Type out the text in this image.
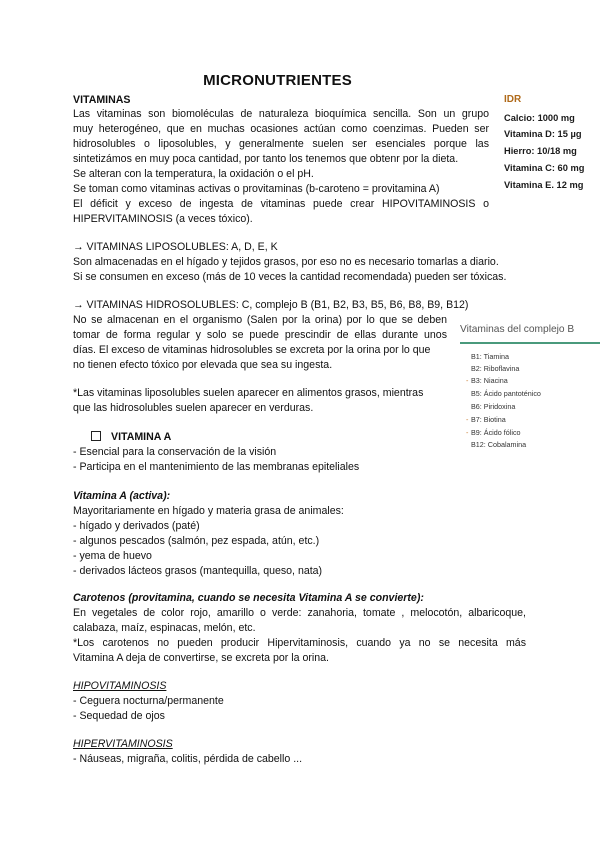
MICRONUTRIENTES
VITAMINAS
Las vitaminas son biomoléculas de naturaleza bioquímica sencilla. Son un grupo
muy heterogéneo, que en muchas ocasiones actúan como coenzimas. Pueden ser
hidrosolubles o liposolubles, y generalmente suelen ser esenciales porque las
sintetizámos en muy poca cantidad, por tanto los tenemos que obtenr por la dieta.
Se alteran con la temperatura, la oxidación o el pH.
Se toman como vitaminas activas o provitaminas (b-caroteno = provitamina A)
El déficit y exceso de ingesta de vitaminas puede crear HIPOVITAMINOSIS o
HIPERVITAMINOSIS (a veces tóxico).
IDR
Calcio: 1000 mg
Vitamina D: 15 µg
Hierro: 10/18 mg
Vitamina C: 60 mg
Vitamina E. 12 mg
→ VITAMINAS LIPOSOLUBLES: A, D, E, K
Son almacenadas en el hígado y tejidos grasos, por eso no es necesario tomarlas a diario.
Si se consumen en exceso (más de 10 veces la cantidad recomendada) pueden ser tóxicas.
→ VITAMINAS HIDROSOLUBLES: C, complejo B (B1, B2, B3, B5, B6, B8, B9, B12)
No se almacenan en el organismo (Salen por la orina) por lo que se deben
tomar de forma regular y solo se puede prescindir de ellas durante unos
días. El exceso de vitaminas hidrosolubles se excreta por la orina por lo que
no tienen efecto tóxico por elevada que sea su ingesta.
Vitaminas del complejo B
B1: Tiamina
B2: Riboflavina
- B3: Niacina
B5: Ácido pantoténico
B6: Piridoxina
- B7: Biotina
- B9: Ácido fólico
B12: Cobalamina
*Las vitaminas liposolubles suelen aparecer en alimentos grasos, mientras
que las hidrosolubles suelen aparecer en verduras.
VITAMINA A
- Esencial para la conservación de la visión
- Participa en el mantenimiento de las membranas epiteliales
Vitamina A (activa):
Mayoritariamente en hígado y materia grasa de animales:
- hígado y derivados (paté)
- algunos pescados (salmón, pez espada, atún, etc.)
- yema de huevo
- derivados lácteos grasos (mantequilla, queso, nata)
Carotenos (provitamina, cuando se necesita Vitamina A se convierte):
En vegetales de color rojo, amarillo o verde: zanahoria, tomate , melocotón, albaricoque,
calabaza, maíz, espinacas, melón, etc.
*Los carotenos no pueden producir Hipervitaminosis, cuando ya no se necesita más
Vitamina A deja de convertirse, se excreta por la orina.
HIPOVITAMINOSIS
- Ceguera nocturna/permanente
- Sequedad de ojos
HIPERVITAMINOSIS
- Náuseas, migraña, colitis, pérdida de cabello ...
